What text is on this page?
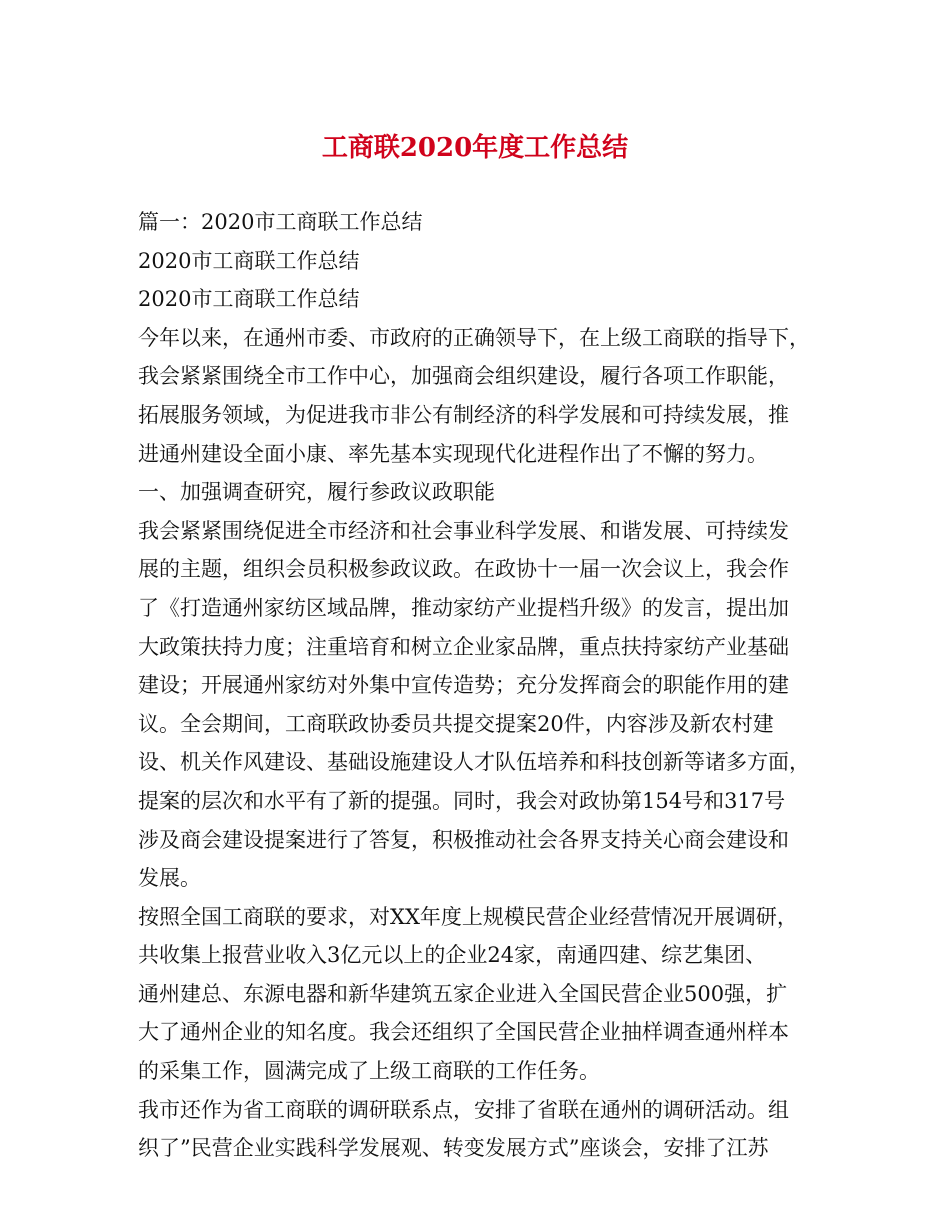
工商联2020年度工作总结
篇一：2020市工商联工作总结
2020市工商联工作总结
2020市工商联工作总结
今年以来，在通州市委、市政府的正确领导下，在上级工商联的指导下，
我会紧紧围绕全市工作中心，加强商会组织建设，履行各项工作职能，
拓展服务领域，为促进我市非公有制经济的科学发展和可持续发展，推
进通州建设全面小康、率先基本实现现代化进程作出了不懈的努力。
一、加强调查研究，履行参政议政职能
我会紧紧围绕促进全市经济和社会事业科学发展、和谐发展、可持续发
展的主题，组织会员积极参政议政。在政协十一届一次会议上，我会作
了《打造通州家纺区域品牌，推动家纺产业提档升级》的发言，提出加
大政策扶持力度；注重培育和树立企业家品牌，重点扶持家纺产业基础
建设；开展通州家纺对外集中宣传造势；充分发挥商会的职能作用的建
议。全会期间，工商联政协委员共提交提案20件，内容涉及新农村建
设、机关作风建设、基础设施建设人才队伍培养和科技创新等诸多方面，
提案的层次和水平有了新的提强。同时，我会对政协第154号和317号
涉及商会建设提案进行了答复，积极推动社会各界支持关心商会建设和
发展。
按照全国工商联的要求，对XX年度上规模民营企业经营情况开展调研，
共收集上报营业收入3亿元以上的企业24家，南通四建、综艺集团、
通州建总、东源电器和新华建筑五家企业进入全国民营企业500强，扩
大了通州企业的知名度。我会还组织了全国民营企业抽样调查通州样本
的采集工作，圆满完成了上级工商联的工作任务。
我市还作为省工商联的调研联系点，安排了省联在通州的调研活动。组
织了”民营企业实践科学发展观、转变发展方式”座谈会，安排了江苏
